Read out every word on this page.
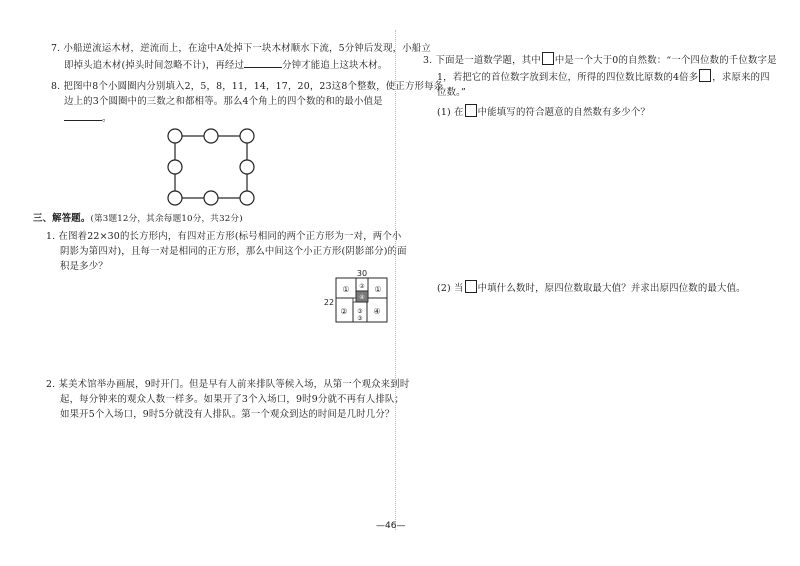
7. 小船逆流运木材，逆流而上，在途中A处掉下一块木材顺水下流，5分钟后发现，小船立
即掉头追木材(掉头时间忽略不计)，再经过	分钟才能追上这块木材。
8. 把图中8个小圆圈内分别填入2，5，8，11，14，17，20，23这8个整数，使正方形每条
边上的3个圆圈中的三数之和都相等。那么4个角上的四个数的和的最小值是
。
三、解答题。(第3题12分，其余每题10分，共32分)
1. 在图着22×30的长方形内，有四对正方形(标号相同的两个正方形为一对，两个小
阴影为第四对)，且每一对是相同的正方形，那么中间这个小正方形(阴影部分)的面
积是多少？
30
22
① ② ①
③
④
②
③
④
2. 某美术馆举办画展，9时开门。但是早有人前来排队等候入场，从第一个观众来到时
起，每分钟来的观众人数一样多。如果开了3个入场口，9时9分就不再有人排队；
如果开5个入场口，9时5分就没有人排队。第一个观众到达的时间是几时几分？
3. 下面是一道数学题，其中 中是一个大于0的自然数：“一个四位数的千位数字是
1，若把它的首位数字放到末位，所得的四位数比原数的4倍多 ，求原来的四
位数。”
(1) 在 中能填写的符合题意的自然数有多少个？
(2) 当 中填什么数时，原四位数取最大值？并求出原四位数的最大值。
—46—
